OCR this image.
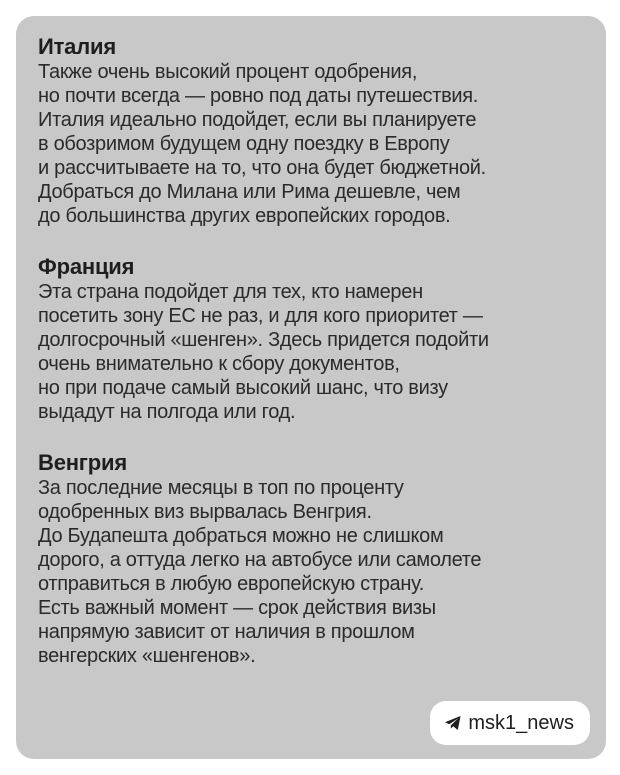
Италия

Также очень высокий процент одобрения,
но почти всегда — ровно под даты путешествия.
Италия идеально подойдет, если вы планируете
в обозримом будущем одну поездку в Европу
и рассчитываете на то, что она будет бюджетной.
Добраться до Милана или Рима дешевле, чем
до большинства других европейских городов.

Франция

Эта страна подойдет для тех, кто намерен
посетить зону ЕС не раз, и для кого приоритет —
долгосрочный «шенген». Здесь придется подойти
очень внимательно к сбору документов,
но при подаче самый высокий шанс, что визу
выдадут на полгода или год.

Венгрия

За последние месяцы в топ по проценту
одобренных виз вырвалась Венгрия.
До Будапешта добраться можно не слишком
дорого, а оттуда легко на автобусе или самолете
отправиться в любую европейскую страну.
Есть важный момент — срок действия визы
напрямую зависит от наличия в прошлом
венгерских «шенгенов».

msk1_news
